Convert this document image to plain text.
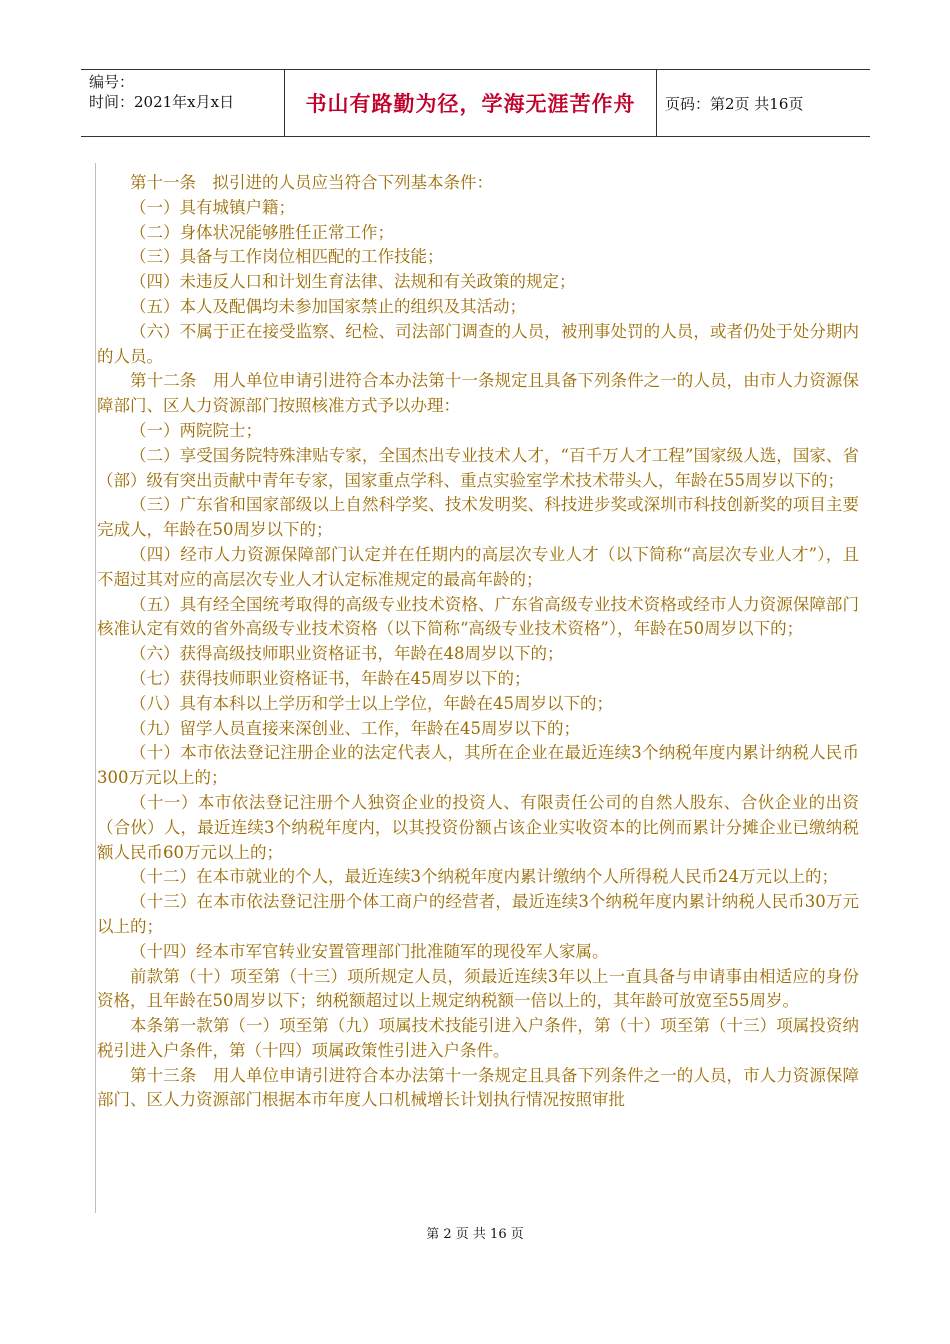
编号：
时间：2021年x月x日	书山有路勤为径，学海无涯苦作舟 页码：第2页 共16页

第十一条　拟引进的人员应当符合下列基本条件：

（一）具有城镇户籍；

（二）身体状况能够胜任正常工作；

（三）具备与工作岗位相匹配的工作技能；

（四）未违反人口和计划生育法律、法规和有关政策的规定；

（五）本人及配偶均未参加国家禁止的组织及其活动；

（六）不属于正在接受监察、纪检、司法部门调查的人员，被刑事处罚的人员，或者仍处于处分期内的人员。

第十二条　用人单位申请引进符合本办法第十一条规定且具备下列条件之一的人员，由市人力资源保障部门、区人力资源部门按照核准方式予以办理：

（一）两院院士；

（二）享受国务院特殊津贴专家，全国杰出专业技术人才，“百千万人才工程”国家级人选，国家、省（部）级有突出贡献中青年专家，国家重点学科、重点实验室学术技术带头人，年龄在55周岁以下的；

（三）广东省和国家部级以上自然科学奖、技术发明奖、科技进步奖或深圳市科技创新奖的项目主要完成人，年龄在50周岁以下的；

（四）经市人力资源保障部门认定并在任期内的高层次专业人才（以下简称“高层次专业人才”），且不超过其对应的高层次专业人才认定标准规定的最高年龄的；

（五）具有经全国统考取得的高级专业技术资格、广东省高级专业技术资格或经市人力资源保障部门核准认定有效的省外高级专业技术资格（以下简称“高级专业技术资格”），年龄在50周岁以下的；

（六）获得高级技师职业资格证书，年龄在48周岁以下的；

（七）获得技师职业资格证书，年龄在45周岁以下的；

（八）具有本科以上学历和学士以上学位，年龄在45周岁以下的；

（九）留学人员直接来深创业、工作，年龄在45周岁以下的；

（十）本市依法登记注册企业的法定代表人，其所在企业在最近连续3个纳税年度内累计纳税人民币300万元以上的；

（十一）本市依法登记注册个人独资企业的投资人、有限责任公司的自然人股东、合伙企业的出资（合伙）人，最近连续3个纳税年度内，以其投资份额占该企业实收资本的比例而累计分摊企业已缴纳税额人民币60万元以上的；

（十二）在本市就业的个人，最近连续3个纳税年度内累计缴纳个人所得税人民币24万元以上的；

（十三）在本市依法登记注册个体工商户的经营者，最近连续3个纳税年度内累计纳税人民币30万元以上的；

（十四）经本市军官转业安置管理部门批准随军的现役军人家属。

前款第（十）项至第（十三）项所规定人员，须最近连续3年以上一直具备与申请事由相适应的身份资格，且年龄在50周岁以下；纳税额超过以上规定纳税额一倍以上的，其年龄可放宽至55周岁。

本条第一款第（一）项至第（九）项属技术技能引进入户条件，第（十）项至第（十三）项属投资纳税引进入户条件，第（十四）项属政策性引进入户条件。

第十三条　用人单位申请引进符合本办法第十一条规定且具备下列条件之一的人员，市人力资源保障部门、区人力资源部门根据本市年度人口机械增长计划执行情况按照审批

第 2 页 共 16 页
